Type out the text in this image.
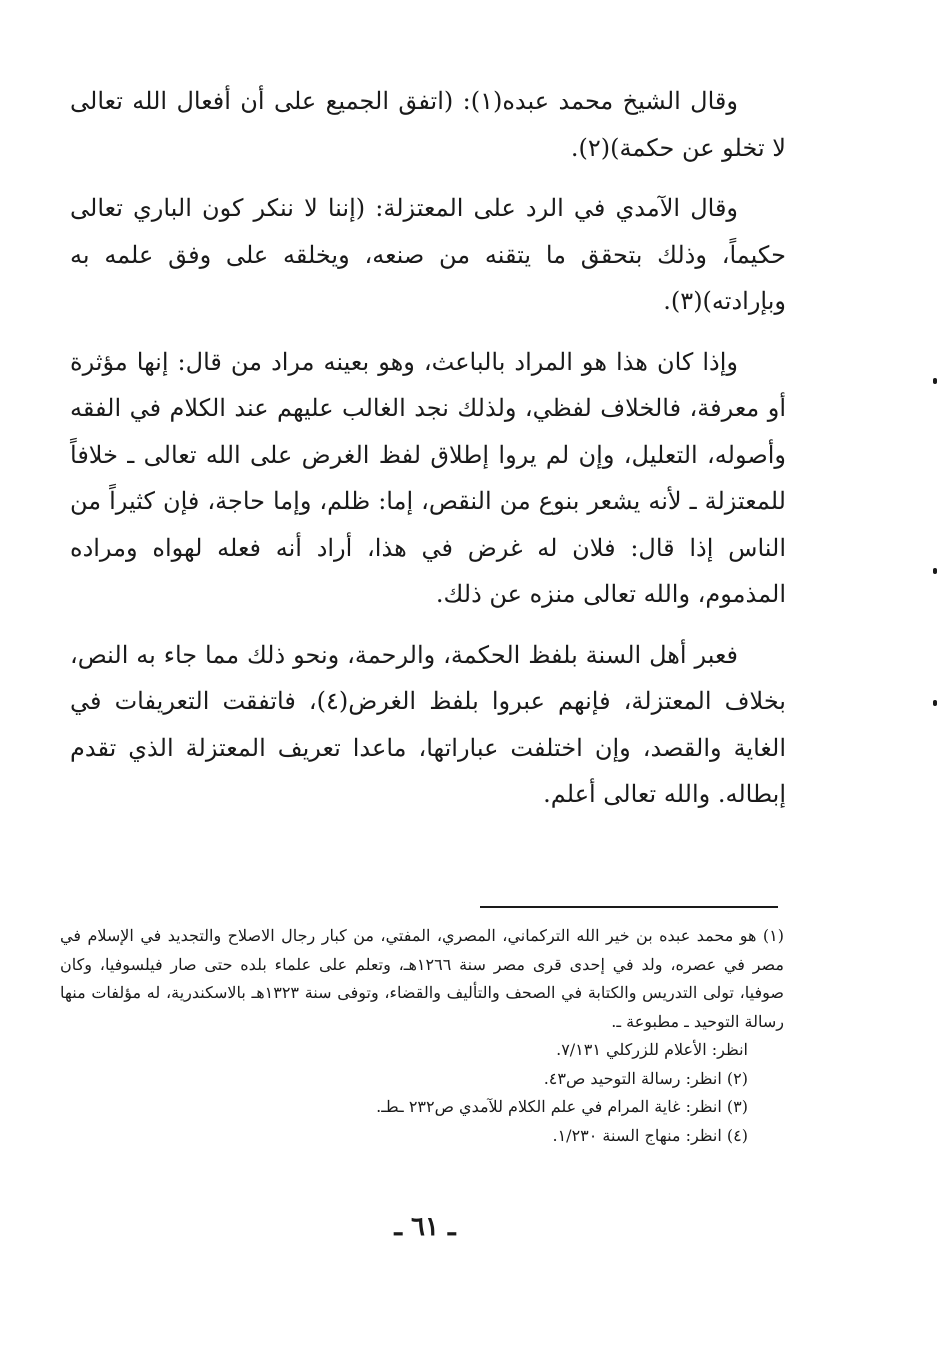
وقال الشيخ محمد عبده(١): (اتفق الجميع على أن أفعال الله تعالى لا تخلو عن حكمة)(٢).

وقال الآمدي في الرد على المعتزلة: (إننا لا ننكر كون الباري تعالى حكيماً، وذلك بتحقق ما يتقنه من صنعه، ويخلقه على وفق علمه به وبإرادته)(٣).

وإذا كان هذا هو المراد بالباعث، وهو بعينه مراد من قال: إنها مؤثرة أو معرفة، فالخلاف لفظي، ولذلك نجد الغالب عليهم عند الكلام في الفقه وأصوله، التعليل، وإن لم يروا إطلاق لفظ الغرض على الله تعالى ـ خلافاً للمعتزلة ـ لأنه يشعر بنوع من النقص، إما: ظلم، وإما حاجة، فإن كثيراً من الناس إذا قال: فلان له غرض في هذا، أراد أنه فعله لهواه ومراده المذموم، والله تعالى منزه عن ذلك.

فعبر أهل السنة بلفظ الحكمة، والرحمة، ونحو ذلك مما جاء به النص، بخلاف المعتزلة، فإنهم عبروا بلفظ الغرض(٤)، فاتفقت التعريفات في الغاية والقصد، وإن اختلفت عباراتها، ماعدا تعريف المعتزلة الذي تقدم إبطاله. والله تعالى أعلم.

(١) هو محمد عبده بن خير الله التركماني، المصري، المفتي، من كبار رجال الاصلاح والتجديد في الإسلام في مصر في عصره، ولد في إحدى قرى مصر سنة ١٢٦٦هـ، وتعلم على علماء بلده حتى صار فيلسوفيا، وكان صوفيا، تولى التدريس والكتابة في الصحف والتأليف والقضاء، وتوفى سنة ١٣٢٣هـ بالاسكندرية، له مؤلفات منها رسالة التوحيد ـ مطبوعة ـ.

انظر: الأعلام للزركلي ٧/١٣١.

(٢) انظر: رسالة التوحيد ص٤٣.

(٣) انظر: غاية المرام في علم الكلام للآمدي ص٢٣٢ ـطـ.

(٤) انظر: منهاج السنة ١/٢٣٠.

ـ ٦١ ـ
